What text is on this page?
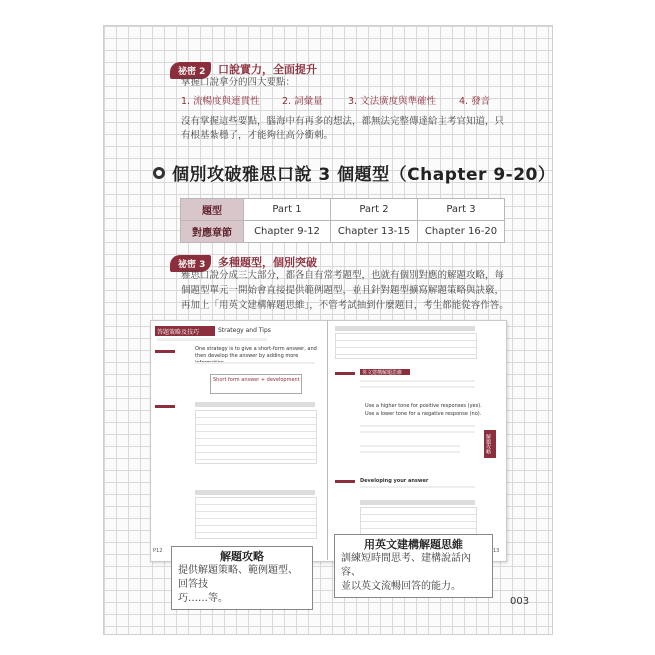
祕密 2	口說實力，全面提升
掌握口說拿分的四大要點：
1. 流暢度與連貫性 2. 詞彙量	3. 文法廣度與準確性 4. 發音
沒有掌握這些要點，腦海中有再多的想法，都無法完整傳達給主考官知道，只
有根基紮穩了，才能夠往高分衝刺。
個別攻破雅思口說 3 個題型（Chapter 9-20）
題型	Part 1	Part 2	Part 3
對應章節	Chapter 9-12	Chapter 13-15	Chapter 16-20
祕密 3	多種題型，個別突破
雅思口說分成三大部分，都各自有常考題型，也就有個別對應的解題攻略，每
個題型單元一開始會直接提供範例題型，並且針對題型擴寫解題策略與訣竅，
再加上「用英文建構解題思維」，不管考試抽到什麼題目，考生都能從容作答。
答題策略及技巧	Strategy and Tips
One strategy is to give a short-form answer, and then develop the answer by adding more
Short form answer + development
P12
英文建構解題思維
Use a higher tone for positive responses (yes).
Use a lower tone for a negative response (no).
Developing your answer
解題攻略
13
解題攻略
提供解題策略、範例題型、回答技
巧……等。
用英文建構解題思維
訓練短時間思考、建構說話內容、
並以英文流暢回答的能力。
003
